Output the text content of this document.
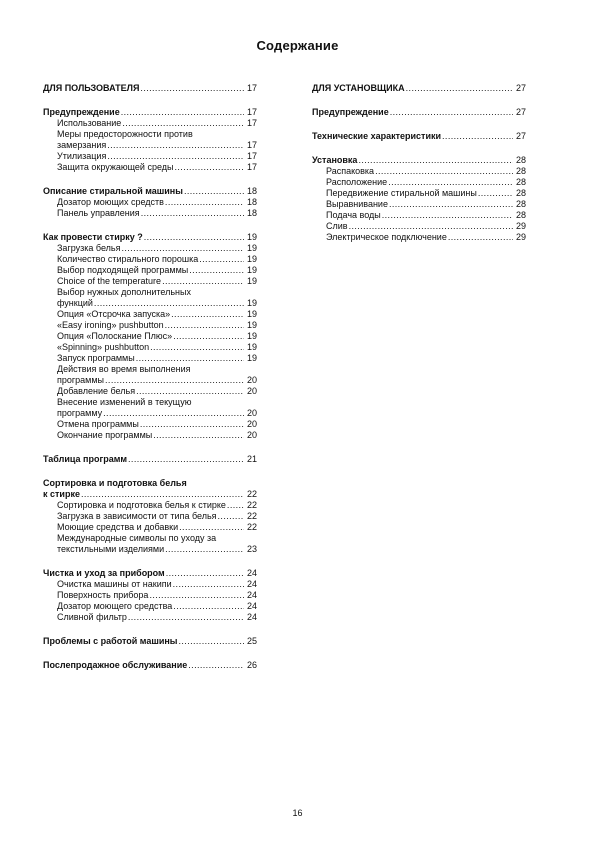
Содержание
ДЛЯ ПОЛЬЗОВАТЕЛЯ .....	17
Предупреждение .....	17
Использование .....	17
Меры предосторожности против
замерзания .....	17
Утилизация .....	17
Защита окружающей среды .....	17
Описание стиральной машины .....	18
Дозатор моющих средств .....	18
Панель управления .....	18
Как провести стирку ? .....	19
Загрузка белья .....	19
Количество стирального порошка .....	19
Выбор подходящей программы .....	19
Choice of the temperature .....	19
Выбор нужных дополнительных
функций .....	19
Опция «Отсрочка запуска» .....	19
«Easy ironing» pushbutton .....	19
Опция «Полоскание Плюс» .....	19
«Spinning» pushbutton .....	19
Запуск программы .....	19
Действия во время выполнения
программы .....	20
Добавление белья .....	20
Внесение изменений в текущую
программу .....	20
Отмена программы .....	20
Окончание программы .....	20
Таблица программ .....	21
Сортировка и подготовка белья
к стирке .....	22
Сортировка и подготовка белья к стирке ..... 22
Загрузка в зависимости от типа белья .....	22
Моющие средства и добавки .....	22
Международные символы по уходу за
текстильными изделиями .....	23
Чистка и уход за прибором .....	24
Очистка машины от накипи .....	24
Поверхность прибора .....	24
Дозатор моющего средства .....	24
Сливной фильтр .....	24
Проблемы с работой машины .....	25
Послепродажное обслуживание .....	26
ДЛЯ УСТАНОВЩИКА .....	27
Предупреждение .....	27
Технические характеристики .....	27
Установка .....	28
Распаковка .....	28
Расположение .....	28
Передвижение стиральной машины .....	28
Выравнивание .....	28
Подача воды .....	28
Слив .....	29
Электрическое подключение .....	29
16
